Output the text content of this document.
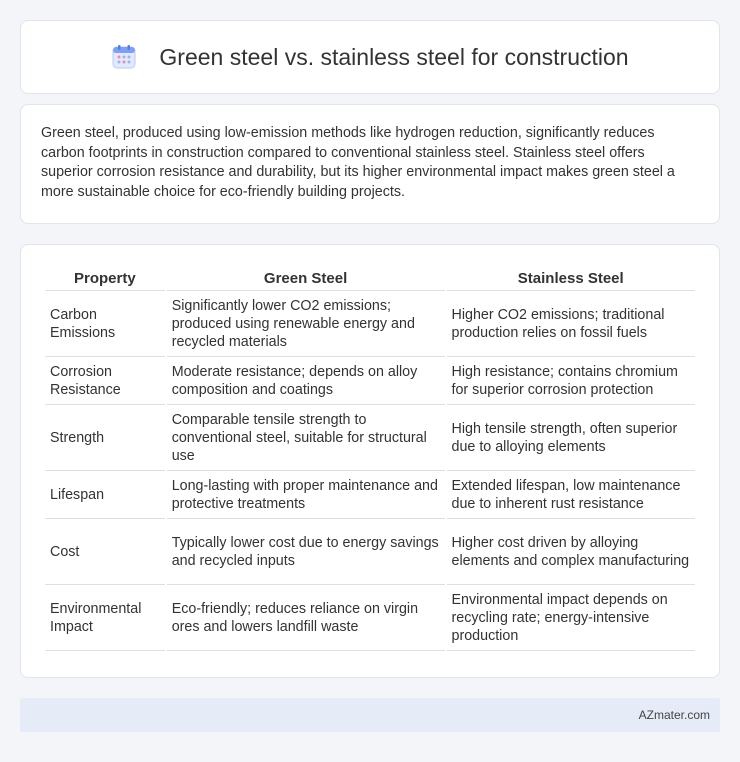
Green steel vs. stainless steel for construction

Green steel, produced using low-emission methods like hydrogen reduction, significantly reduces carbon footprints in construction compared to conventional stainless steel. Stainless steel offers superior corrosion resistance and durability, but its higher environmental impact makes green steel a more sustainable choice for eco-friendly building projects.

Property	Green Steel	Stainless Steel
Carbon Emissions	Significantly lower CO2 emissions; produced using renewable energy and recycled materials	Higher CO2 emissions; traditional production relies on fossil fuels
Corrosion Resistance	Moderate resistance; depends on alloy composition and coatings	High resistance; contains chromium for superior corrosion protection
Strength	Comparable tensile strength to conventional steel, suitable for structural use	High tensile strength, often superior due to alloying elements
Lifespan	Long-lasting with proper maintenance and protective treatments	Extended lifespan, low maintenance due to inherent rust resistance
Cost	Typically lower cost due to energy savings and recycled inputs	Higher cost driven by alloying elements and complex manufacturing
Environmental Impact	Eco-friendly; reduces reliance on virgin ores and lowers landfill waste	Environmental impact depends on recycling rate; energy-intensive production
AZmater.com
